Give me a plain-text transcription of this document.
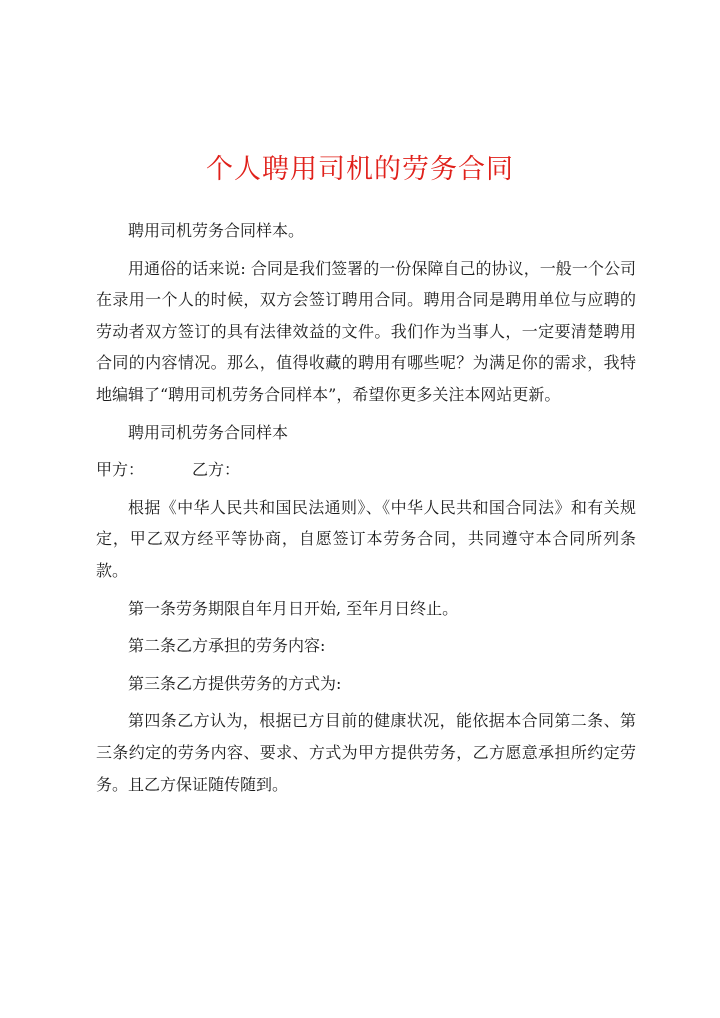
个人聘用司机的劳务合同

聘用司机劳务合同样本。

用通俗的话来说: 合同是我们签署的一份保障自己的协议，一般一个公司在录用一个人的时候，双方会签订聘用合同。聘用合同是聘用单位与应聘的劳动者双方签订的具有法律效益的文件。我们作为当事人，一定要清楚聘用合同的内容情况。那么，值得收藏的聘用有哪些呢？为满足你的需求，我特地编辑了“聘用司机劳务合同样本”，希望你更多关注本网站更新。

聘用司机劳务合同样本

甲方：	乙方：

根据《中华人民共和国民法通则》、《中华人民共和国合同法》和有关规定，甲乙双方经平等协商，自愿签订本劳务合同，共同遵守本合同所列条款。

第一条劳务期限自年月日开始, 至年月日终止。

第二条乙方承担的劳务内容:

第三条乙方提供劳务的方式为:

第四条乙方认为，根据已方目前的健康状况，能依据本合同第二条、第三条约定的劳务内容、要求、方式为甲方提供劳务，乙方愿意承担所约定劳务。且乙方保证随传随到。
